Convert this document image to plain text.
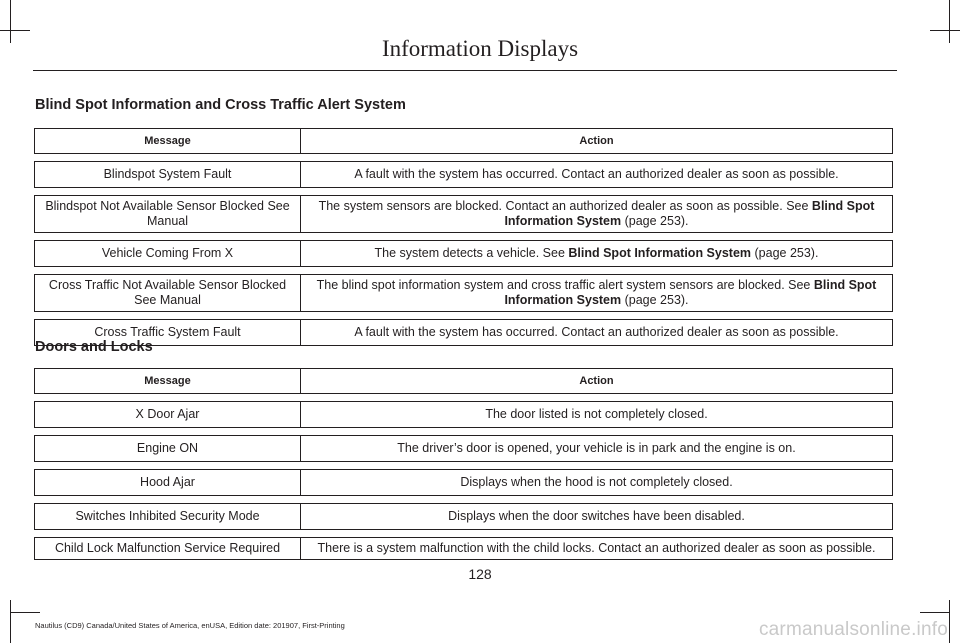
Information Displays
Blind Spot Information and Cross Traffic Alert System
Message	Action

Blindspot System Fault	A fault with the system has occurred. Contact an authorized dealer as soon as possible.

Blindspot Not Available Sensor Blocked See Manual	The system sensors are blocked. Contact an authorized dealer as soon as possible. See Blind Spot Information System (page 253).

Vehicle Coming From X	The system detects a vehicle. See Blind Spot Information System (page 253).

Cross Traffic Not Available Sensor Blocked See Manual	The blind spot information system and cross traffic alert system sensors are blocked. See Blind Spot Information System (page 253).

Cross Traffic System Fault	A fault with the system has occurred. Contact an authorized dealer as soon as possible.
Doors and Locks
Message	Action

X Door Ajar	The door listed is not completely closed.

Engine ON	The driver’s door is opened, your vehicle is in park and the engine is on.

Hood Ajar	Displays when the hood is not completely closed.

Switches Inhibited Security Mode	Displays when the door switches have been disabled.

Child Lock Malfunction Service Required	There is a system malfunction with the child locks. Contact an authorized dealer as soon as possible.
128
Nautilus (CD9) Canada/United States of America, enUSA, Edition date: 201907, First-Printing	carmanualsonline.info
